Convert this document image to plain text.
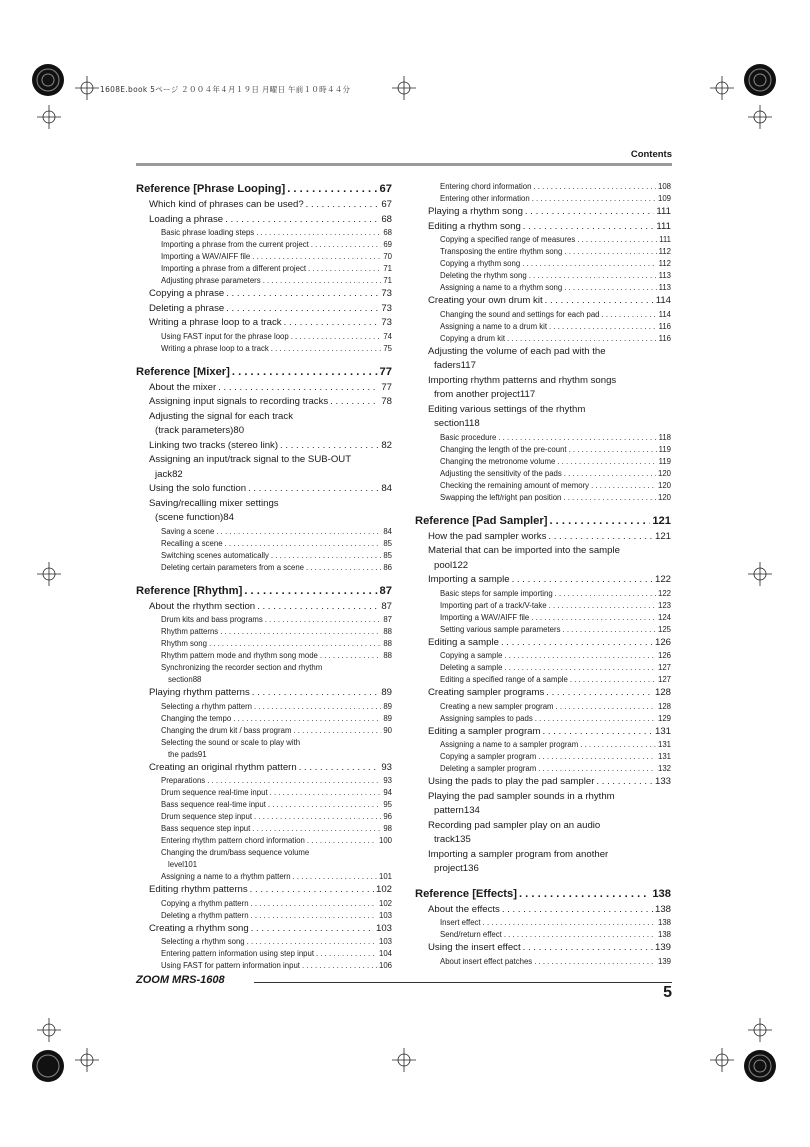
1608E.book 5ページ ２００４年４月１９日 月曜日 午前１０時４４分
Contents
Reference [Phrase Looping] . . .	67
Which kind of phrases can be used? . . .	67
Loading a phrase . . .	68
Basic phrase loading steps . . .	68
Importing a phrase from the current project . . .	69
Importing a WAV/AIFF file . . .	70
Importing a phrase from a different project . . .	71
Adjusting phrase parameters . . .	71
Copying a phrase . . .	73
Deleting a phrase . . .	73
Writing a phrase loop to a track . . .	73
Using FAST input for the phrase loop . . .	74
Writing a phrase loop to a track . . .	75
Reference [Mixer] . . .	77
About the mixer . . .	77
Assigning input signals to recording tracks . . .	78
Adjusting the signal for each track
(track parameters) 80
Linking two tracks (stereo link) . . .	82
Assigning an input/track signal to the SUB-OUT
jack 82
Using the solo function . . .	84
Saving/recalling mixer settings
(scene function) 84
Saving a scene . . .	84
Recalling a scene . . .	85
Switching scenes automatically . . .	85
Deleting certain parameters from a scene . . .	86
Reference [Rhythm] . . .	87
About the rhythm section . . .	87
Drum kits and bass programs . . .	87
Rhythm patterns . . .	88
Rhythm song . . .	88
Rhythm pattern mode and rhythm song mode . . .	88
Synchronizing the recorder section and rhythm
section 88
Playing rhythm patterns . . .	89
Selecting a rhythm pattern . . .	89
Changing the tempo . . .	89
Changing the drum kit / bass program . . .	90
Selecting the sound or scale to play with
the pads 91
Creating an original rhythm pattern . . .	93
Preparations . . .	93
Drum sequence real-time input . . .	94
Bass sequence real-time input . . .	95
Drum sequence step input . . .	96
Bass sequence step input . . .	98
Entering rhythm pattern chord information . . .	100
Changing the drum/bass sequence volume
level 101
Assigning a name to a rhythm pattern . . .	101
Editing rhythm patterns . . .	102
Copying a rhythm pattern . . .	102
Deleting a rhythm pattern . . .	103
Creating a rhythm song . . .	103
Selecting a rhythm song . . .	103
Entering pattern information using step input . . .	104
Using FAST for pattern information input . . .	106
Entering chord information . . .	108
Entering other information . . .	109
Playing a rhythm song . . .	111
Editing a rhythm song . . .	111
Copying a specified range of measures . . .	111
Transposing the entire rhythm song . . .	112
Copying a rhythm song . . .	112
Deleting the rhythm song . . .	113
Assigning a name to a rhythm song . . .	113
Creating your own drum kit . . .	114
Changing the sound and settings for each pad . . .	114
Assigning a name to a drum kit . . .	116
Copying a drum kit . . .	116
Adjusting the volume of each pad with the
faders 117
Importing rhythm patterns and rhythm songs
from another project 117
Editing various settings of the rhythm
section 118
Basic procedure . . .	118
Changing the length of the pre-count . . .	119
Changing the metronome volume . . .	119
Adjusting the sensitivity of the pads . . .	120
Checking the remaining amount of memory . . .	120
Swapping the left/right pan position . . .	120
Reference [Pad Sampler] . . .	121
How the pad sampler works . . .	121
Material that can be imported into the sample
pool 122
Importing a sample . . .	122
Basic steps for sample importing . . .	122
Importing part of a track/V-take . . .	123
Importing a WAV/AIFF file . . .	124
Setting various sample parameters . . .	125
Editing a sample . . .	126
Copying a sample . . .	126
Deleting a sample . . .	127
Editing a specified range of a sample . . .	127
Creating sampler programs . . .	128
Creating a new sampler program . . .	128
Assigning samples to pads . . .	129
Editing a sampler program . . .	131
Assigning a name to a sampler program . . .	131
Copying a sampler program . . .	131
Deleting a sampler program . . .	132
Using the pads to play the pad sampler . . .	133
Playing the pad sampler sounds in a rhythm
pattern 134
Recording pad sampler play on an audio
track 135
Importing a sampler program from another
project 136
Reference [Effects] . . .	138
About the effects . . .	138
Insert effect . . .	138
Send/return effect . . .	138
Using the insert effect . . .	139
About insert effect patches . . .	139
ZOOM MRS-1608
5
